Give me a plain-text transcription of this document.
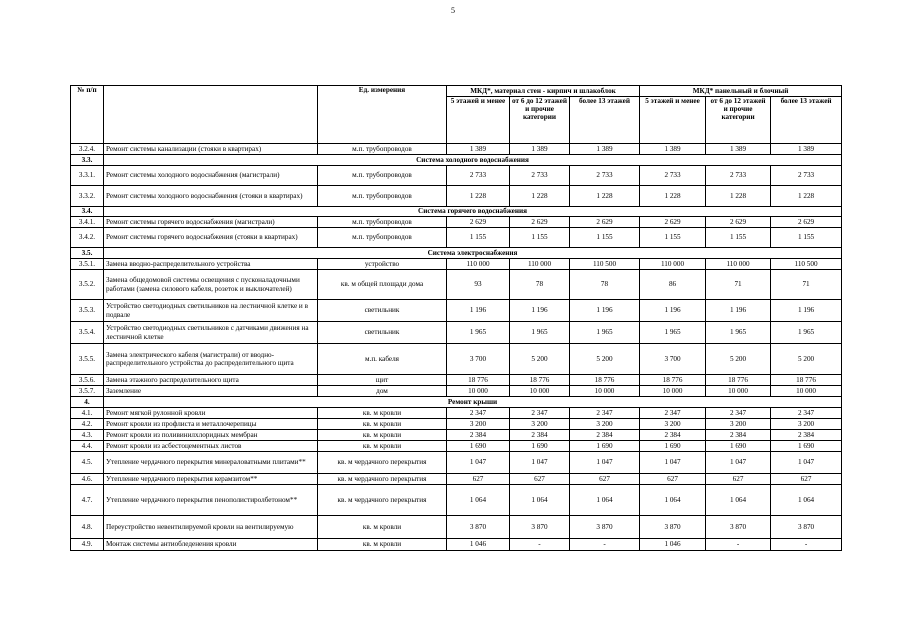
5
№ п/п		Ед. измерения	МКД*, материал стен - кирпич и шлакоблок			МКД* панельный и блочный		
			5 этажей и менее	от 6 до 12 этажей и прочие категории	более 13 этажей	5 этажей и менее	от 6 до 12 этажей и прочие категории	более 13 этажей
3.2.4.	Ремонт системы канализации (стояки в квартирах)	м.п. трубопроводов	1 389	1 389	1 389	1 389	1 389	1 389
3.3.	Система холодного водоснабжения							
3.3.1.	Ремонт системы холодного водоснабжения (магистрали)	м.п. трубопроводов	2 733	2 733	2 733	2 733	2 733	2 733
3.3.2.	Ремонт системы холодного водоснабжения (стояки в квартирах)	м.п. трубопроводов	1 228	1 228	1 228	1 228	1 228	1 228
3.4.	Система горячего водоснабжения							
3.4.1.	Ремонт системы горячего водоснабжения (магистрали)	м.п. трубопроводов	2 629	2 629	2 629	2 629	2 629	2 629
3.4.2.	Ремонт системы горячего водоснабжения (стояки в квартирах)	м.п. трубопроводов	1 155	1 155	1 155	1 155	1 155	1 155
3.5.	Система электроснабжения							
3.5.1.	Замена вводно-распределительного устройства	устройство	110 000	110 000	110 500	110 000	110 000	110 500
3.5.2.	Замена общедомовой системы освещения с пусконаладочными работами (замена силового кабеля, розеток и выключателей)	кв. м общей площади дома	93	78	78	86	71	71
3.5.3.	Устройство светодиодных светильников на лестничной клетке и в подвале	светильник	1 196	1 196	1 196	1 196	1 196	1 196
3.5.4.	Устройство светодиодных светильников с датчиками движения на лестничной клетке	светильник	1 965	1 965	1 965	1 965	1 965	1 965
3.5.5.	Замена электрического кабеля (магистрали) от вводно-распределительного устройства до распределительного щита	м.п. кабеля	3 700	5 200	5 200	3 700	5 200	5 200
3.5.6.	Замена этажного распределительного щита	щит	18 776	18 776	18 776	18 776	18 776	18 776
3.5.7.	Заземление	дом	10 000	10 000	10 000	10 000	10 000	10 000
4.	Ремонт крыши							
4.1.	Ремонт мягкой рулонной кровли	кв. м кровли	2 347	2 347	2 347	2 347	2 347	2 347
4.2.	Ремонт кровли из профлиста и металлочерепицы	кв. м кровли	3 200	3 200	3 200	3 200	3 200	3 200
4.3.	Ремонт кровли из поливинилхлоридных мембран	кв. м кровли	2 384	2 384	2 384	2 384	2 384	2 384
4.4.	Ремонт кровли из асбестоцементных листов	кв. м кровли	1 690	1 690	1 690	1 690	1 690	1 690
4.5.	Утепление чердачного перекрытия минераловатными плитами**	кв. м чердачного перекрытия	1 047	1 047	1 047	1 047	1 047	1 047
4.6.	Утепление чердачного перекрытия керамзитом**	кв. м чердачного перекрытия	627	627	627	627	627	627
4.7.	Утепление чердачного перекрытия пенополистиролбетоном**	кв. м чердачного перекрытия	1 064	1 064	1 064	1 064	1 064	1 064
4.8.	Переустройство невентилируемой кровли на вентилируемую	кв. м кровли	3 870	3 870	3 870	3 870	3 870	3 870
4.9.	Монтаж системы антиобледенения кровли	кв. м кровли	1 046	-	-	1 046	-	-
